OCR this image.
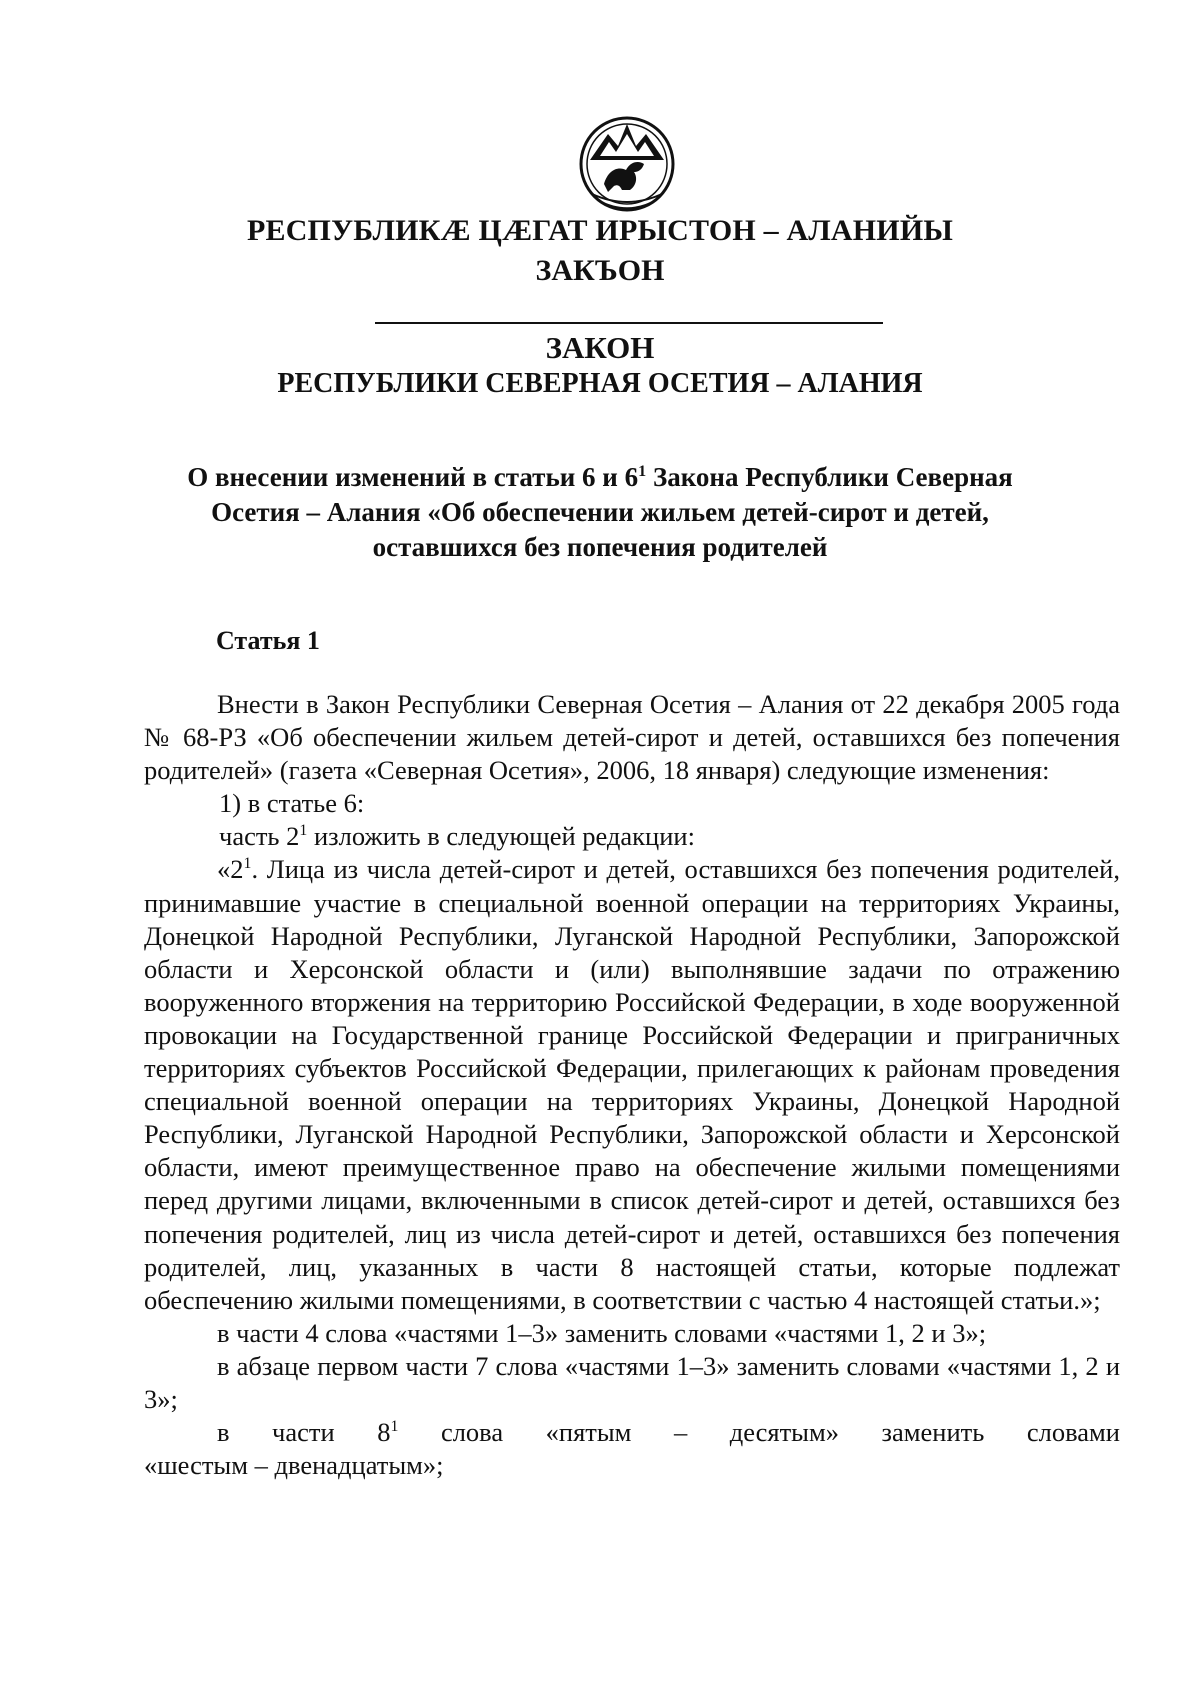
РЕСПУБЛИКÆ ЦÆГАТ ИРЫСТОН – АЛАНИЙЫ
ЗАКЪОН
ЗАКОН
РЕСПУБЛИКИ СЕВЕРНАЯ ОСЕТИЯ – АЛАНИЯ
О внесении изменений в статьи 6 и $6^1$ Закона Республики Северная
Осетия – Алания «Об обеспечении жильем детей-сирот и детей,
оставшихся без попечения родителей
Статья 1
Внести в Закон Республики Северная Осетия – Алания от 22 декабря 2005 года № 68-РЗ «Об обеспечении жильем детей-сирот и детей, оставшихся без попечения родителей» (газета «Северная Осетия», 2006, 18 января) следующие изменения:
1) в статье 6:
часть $2^1$ изложить в следующей редакции:
«$2^1$. Лица из числа детей-сирот и детей, оставшихся без попечения родителей, принимавшие участие в специальной военной операции на территориях Украины, Донецкой Народной Республики, Луганской Народной Республики, Запорожской области и Херсонской области и (или) выполнявшие задачи по отражению вооруженного вторжения на территорию Российской Федерации, в ходе вооруженной провокации на Государственной границе Российской Федерации и приграничных территориях субъектов Российской Федерации, прилегающих к районам проведения специальной военной операции на территориях Украины, Донецкой Народной Республики, Луганской Народной Республики, Запорожской области и Херсонской области, имеют преимущественное право на обеспечение жилыми помещениями перед другими лицами, включенными в список детей-сирот и детей, оставшихся без попечения родителей, лиц из числа детей-сирот и детей, оставшихся без попечения родителей, лиц, указанных в части 8 настоящей статьи, которые подлежат обеспечению жилыми помещениями, в соответствии с частью 4 настоящей статьи.»;
в части 4 слова «частями 1–3» заменить словами «частями 1, 2 и 3»;
в абзаце первом части 7 слова «частями 1–3» заменить словами «частями 1, 2 и 3»;
в части $8^1$ слова «пятым – десятым» заменить словами
«шестым – двенадцатым»;
